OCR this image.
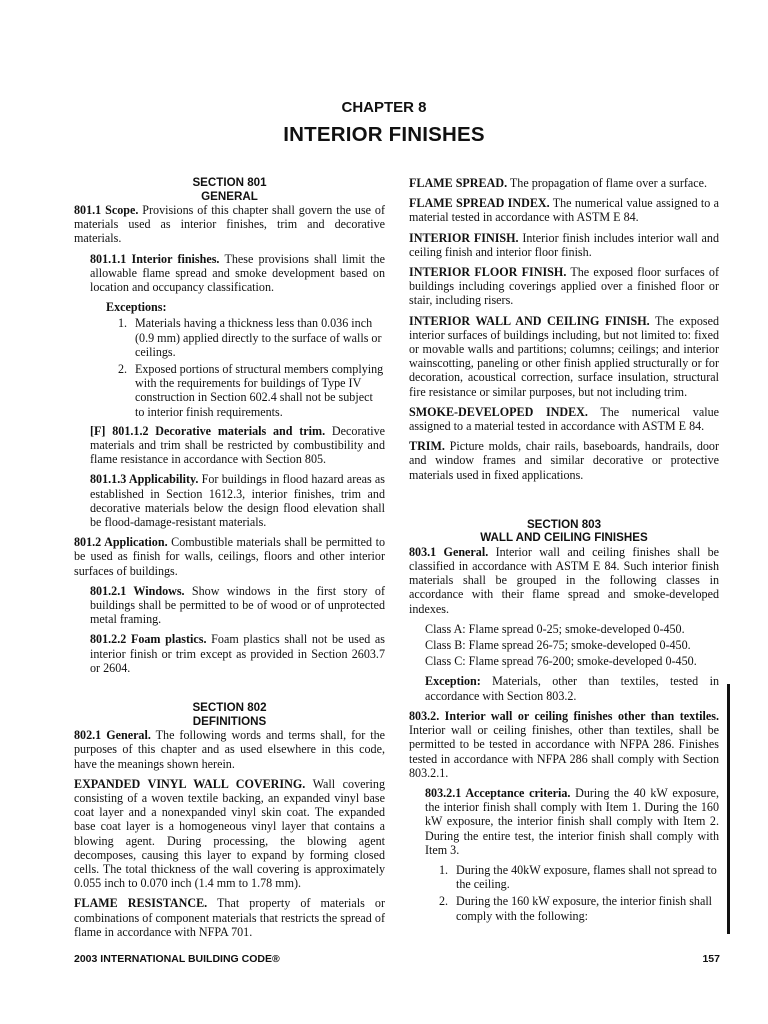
CHAPTER 8
INTERIOR FINISHES
SECTION 801
GENERAL

801.1 Scope. Provisions of this chapter shall govern the use of materials used as interior finishes, trim and decorative materials.

801.1.1 Interior finishes. These provisions shall limit the allowable flame spread and smoke development based on location and occupancy classification.

Exceptions:
1. Materials having a thickness less than 0.036 inch (0.9 mm) applied directly to the surface of walls or ceilings.
2. Exposed portions of structural members complying with the requirements for buildings of Type IV construction in Section 602.4 shall not be subject to interior finish requirements.

[F] 801.1.2 Decorative materials and trim. Decorative materials and trim shall be restricted by combustibility and flame resistance in accordance with Section 805.

801.1.3 Applicability. For buildings in flood hazard areas as established in Section 1612.3, interior finishes, trim and decorative materials below the design flood elevation shall be flood-damage-resistant materials.

801.2 Application. Combustible materials shall be permitted to be used as finish for walls, ceilings, floors and other interior surfaces of buildings.

801.2.1 Windows. Show windows in the first story of buildings shall be permitted to be of wood or of unprotected metal framing.

801.2.2 Foam plastics. Foam plastics shall not be used as interior finish or trim except as provided in Section 2603.7 or 2604.

SECTION 802
DEFINITIONS

802.1 General. The following words and terms shall, for the purposes of this chapter and as used elsewhere in this code, have the meanings shown herein.

EXPANDED VINYL WALL COVERING. Wall covering consisting of a woven textile backing, an expanded vinyl base coat layer and a nonexpanded vinyl skin coat. The expanded base coat layer is a homogeneous vinyl layer that contains a blowing agent. During processing, the blowing agent decomposes, causing this layer to expand by forming closed cells. The total thickness of the wall covering is approximately 0.055 inch to 0.070 inch (1.4 mm to 1.78 mm).

FLAME RESISTANCE. That property of materials or combinations of component materials that restricts the spread of flame in accordance with NFPA 701.

FLAME SPREAD. The propagation of flame over a surface.

FLAME SPREAD INDEX. The numerical value assigned to a material tested in accordance with ASTM E 84.

INTERIOR FINISH. Interior finish includes interior wall and ceiling finish and interior floor finish.

INTERIOR FLOOR FINISH. The exposed floor surfaces of buildings including coverings applied over a finished floor or stair, including risers.

INTERIOR WALL AND CEILING FINISH. The exposed interior surfaces of buildings including, but not limited to: fixed or movable walls and partitions; columns; ceilings; and interior wainscotting, paneling or other finish applied structurally or for decoration, acoustical correction, surface insulation, structural fire resistance or similar purposes, but not including trim.

SMOKE-DEVELOPED INDEX. The numerical value assigned to a material tested in accordance with ASTM E 84.

TRIM. Picture molds, chair rails, baseboards, handrails, door and window frames and similar decorative or protective materials used in fixed applications.

SECTION 803
WALL AND CEILING FINISHES

803.1 General. Interior wall and ceiling finishes shall be classified in accordance with ASTM E 84. Such interior finish materials shall be grouped in the following classes in accordance with their flame spread and smoke-developed indexes.

Class A: Flame spread 0-25; smoke-developed 0-450.
Class B: Flame spread 26-75; smoke-developed 0-450.
Class C: Flame spread 76-200; smoke-developed 0-450.

Exception: Materials, other than textiles, tested in accordance with Section 803.2.

803.2. Interior wall or ceiling finishes other than textiles. Interior wall or ceiling finishes, other than textiles, shall be permitted to be tested in accordance with NFPA 286. Finishes tested in accordance with NFPA 286 shall comply with Section 803.2.1.

803.2.1 Acceptance criteria. During the 40 kW exposure, the interior finish shall comply with Item 1. During the 160 kW exposure, the interior finish shall comply with Item 2. During the entire test, the interior finish shall comply with Item 3.

1. During the 40kW exposure, flames shall not spread to the ceiling.
2. During the 160 kW exposure, the interior finish shall comply with the following:
2003 INTERNATIONAL BUILDING CODE®	157
